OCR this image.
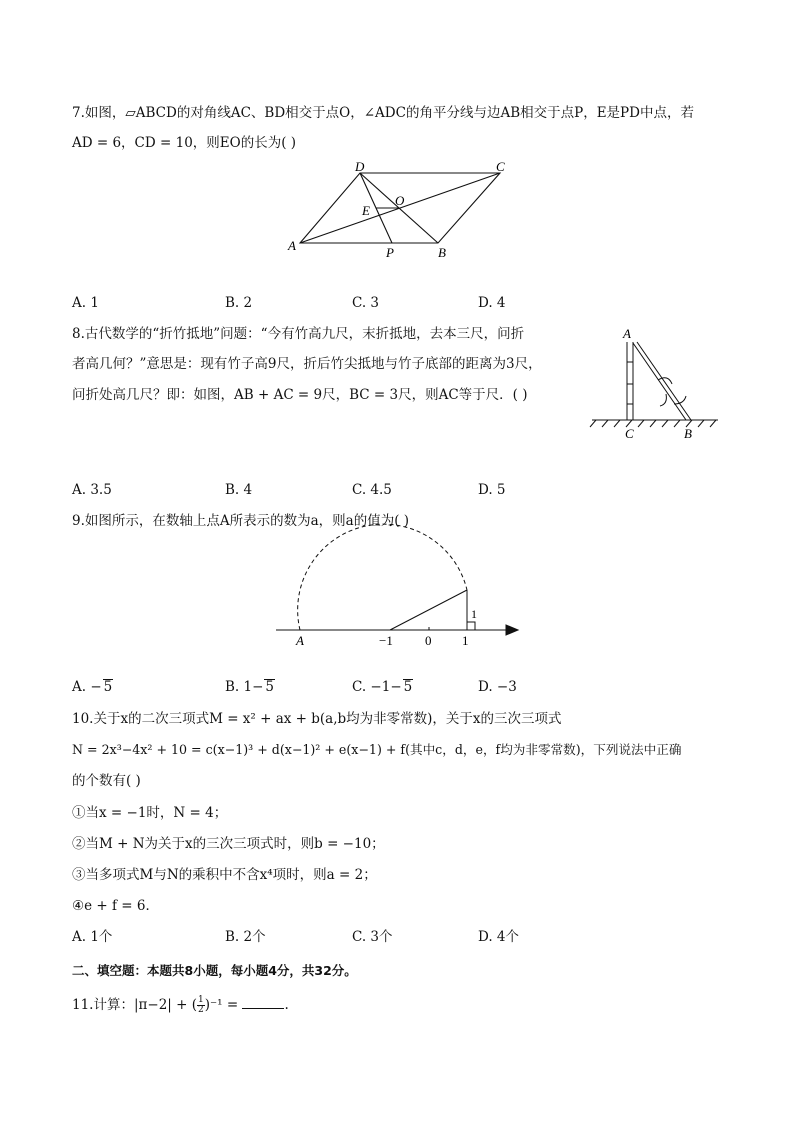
7.如图，▱ABCD的对角线AC、BD相交于点O，∠ADC的角平分线与边AB相交于点P，E是PD中点，若
AD = 6，CD = 10，则EO的长为( )
D	C
O
E
A	P	B
A. 1	B. 2	C. 3	D. 4
8.古代数学的“折竹抵地”问题：“今有竹高九尺，末折抵地，去本三尺，问折
者高几何？”意思是：现有竹子高9尺，折后竹尖抵地与竹子底部的距离为3尺，
问折处高几尺？即：如图，AB + AC = 9尺，BC = 3尺，则AC等于尺．( )
A
C	B
A. 3.5	B. 4	C. 4.5	D. 5
9.如图所示，在数轴上点A所表示的数为a，则a的值为( )
A	−1 0 1
1
A. − 5	B. 1− 5	C. −1− 5	D. −3
10.关于x的二次三项式M = x² + ax + b(a,b均为非零常数)，关于x的三次三项式
N = 2x³−4x² + 10 = c(x−1)³ + d(x−1)² + e(x−1) + f(其中c，d，e，f均为非零常数)，下列说法中正确
的个数有( )
①当x = −1时，N = 4；
②当M + N为关于x的三次三项式时，则b = −10；
③当多项式M与N的乘积中不含x⁴项时，则a = 2；
④e + f = 6．
A. 1个	B. 2个	C. 3个	D. 4个
二、填空题：本题共8小题，每小题4分，共32分。
11.计算：|π−2| + ( $\frac{1}{2} )^{-1}$ =	.
